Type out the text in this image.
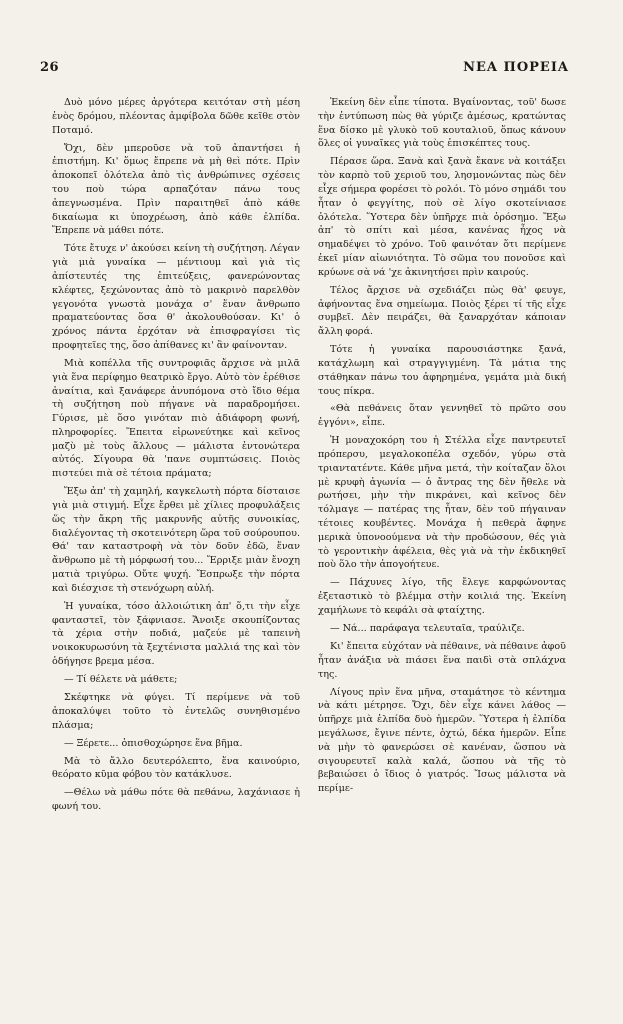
26	ΝΕΑ ΠΟΡΕΙΑ

Δυὸ μόνο μέρες ἀργότερα κειτόταν στὴ μέση ἑνὸς δρόμου, πλέοντας ἀμφίβολα δῶθε κεῖθε στὸν Ποταμό.

Ὄχι, δὲν μπεροῦσε νὰ τοῦ ἀπαντήσει ἡ ἐπιστήμη. Κι' ὅμως ἔπρεπε νὰ μὴ θεὶ πότε. Πρὶν ἀποκοπεῖ ὁλότελα ἀπὸ τὶς ἀνθρώπινες σχέσεις του ποὺ τώρα αρπαζόταν πάνω τους ἀπεγνωσμένα. Πρὶν παραιτηθεῖ ἀπὸ κάθε δικαίωμα κι ὑποχρέωση, ἀπὸ κάθε ἐλπίδα. Ἔπρεπε νὰ μάθει πότε.

Τότε ἔτυχε ν' ἀκούσει κείνη τὴ συζήτηση. Λέγαν γιὰ μιὰ γυναίκα — μέντιουμ καὶ γιὰ τὶς ἀπίστευτές της ἐπιτεύξεις, φανερώνοντας κλέφτες, ξεχώνοντας ἀπὸ τὸ μακρινὸ παρελθὸν γεγονότα γνωστὰ μονάχα σ' ἕναν ἄνθρωπο πραματεύοντας ὅσα θ' ἀκολουθούσαν. Κι' ὁ χρόνος πάντα ἐρχόταν νὰ ἐπισφραγίσει τὶς προφητεῖες της, ὅσο ἀπίθανες κι' ἂν φαίνονταν.

Μιὰ κοπέλλα τῆς συντροφιᾶς ἄρχισε νὰ μιλᾶ γιὰ ἕνα περίφημο θεατρικὸ ἔργο. Αὐτὸ τὸν ἐρέθισε ἀναίτια, καὶ ξανάφερε ἀνυπόμονα στὸ ἴδιο θέμα τὴ συζήτηση ποὺ πήγανε νὰ παραδρομήσει. Γύρισε, μὲ ὅσο γινόταν πιὸ ἀδιάφορη φωνή, πληροφορίες. Ἔπειτα εἰρωνεύτηκε καὶ κεῖνος μαζὺ μὲ τοὺς ἄλλους — μάλιστα ἐντονώτερα αὐτός. Σίγουρα θὰ 'πανε συμπτώσεις. Ποιὸς πιστεύει πιὰ σὲ τέτοια πράματα;

Ἔξω ἀπ' τὴ χαμηλή, καγκελωτὴ πόρτα δίσταισε γιὰ μιὰ στιγμή. Εἶχε ἔρθει μὲ χίλιες προφυλάξεις ὥς τὴν ἄκρη τῆς μακρυνῆς αὐτῆς συνοικίας, διαλέγοντας τὴ σκοτεινότερη ὥρα τοῦ σούρουπου. Θά' ταν καταστροφὴ νὰ τὸν δοῦν ἐδῶ, ἕναν ἄνθρωπο μὲ τὴ μόρφωσή του... Ἔρριξε μιὰν ἔνοχη ματιὰ τριγύρω. Οὔτε ψυχή. Ἔσπρωξε τὴν πόρτα καὶ διέσχισε τὴ στενόχωρη αὐλή.

Ἡ γυναίκα, τόσο ἀλλοιώτικη ἀπ' ὅ,τι τὴν εἶχε φανταστεῖ, τὸν ξάφνιασε. Ἄνοιξε σκουπίζοντας τὰ χέρια στὴν ποδιά, μαζεύε μὲ ταπεινὴ νοικοκυρωσύνη τὰ ξεχτένιστα μαλλιά της καὶ τὸν ὁδήγησε βρεμα μέσα.

— Τί θέλετε νὰ μάθετε;

Σκέφτηκε νὰ φύγει. Τί περίμενε νὰ τοῦ ἀποκαλύψει τοῦτο τὸ ἐντελῶς συνηθισμένο πλάσμα;

— Ξέρετε... ὀπισθοχώρησε ἕνα βῆμα.

Μὰ τὸ ἄλλο δευτερόλεπτο, ἕνα καινούριο, θεόρατο κῦμα φόβου τὸν κατάκλυσε.

—Θέλω νὰ μάθω πότε θὰ πεθάνω, λαχάνιασε ἡ φωνή του.

Ἐκείνη δὲν εἶπε τίποτα. Βγαίνοντας, τοῦ' δωσε τὴν ἐντύπωση πὼς θὰ γύριζε ἀμέσως, κρατώντας ἕνα δίσκο μὲ γλυκὸ τοῦ κουταλιοῦ, ὅπως κάνουν ὅλες οἱ γυναῖκες γιὰ τοὺς ἐπισκέπτες τους.

Πέρασε ὥρα. Ξανὰ καὶ ξανὰ ἔκανε νὰ κοιτάξει τὸν καρπὸ τοῦ χεριοῦ του, λησμονώντας πὼς δὲν εἶχε σήμερα φορέσει τὸ ρολόι. Τὸ μόνο σημάδι του ἦταν ὁ φεγγίτης, ποὺ σὲ λίγο σκοτείνιασε ὁλότελα. Ὕστερα δὲν ὑπῆρχε πιὰ ὁρόσημο. Ἔξω ἀπ' τὸ σπίτι καὶ μέσα, κανένας ἦχος νὰ σημαδέψει τὸ χρόνο. Τοῦ φαινόταν ὅτι περίμενε ἐκεῖ μίαν αἰωνιότητα. Τὸ σῶμα του πονοῦσε καὶ κρύωνε σὰ νά 'χε ἀκινητήσει πρὶν καιρούς.

Τέλος ἄρχισε νὰ σχεδιάζει πὼς θὰ' φευγε, ἀφήνοντας ἕνα σημείωμα. Ποιὸς ξέρει τί τῆς εἶχε συμβεῖ. Δὲν πειράζει, θὰ ξαναρχόταν κάποιαν ἄλλη φορά.

Τότε ἡ γυναίκα παρουσιάστηκε ξανά, κατάχλωμη καὶ στραγγιγμένη. Τὰ μάτια της στάθηκαν πάνω του ἀφηρημένα, γεμάτα μιὰ δική τους πίκρα.

«Θὰ πεθάνεις ὅταν γεννηθεῖ τὸ πρῶτο σου ἐγγόνι», εἶπε.

Ἡ μοναχοκόρη του ἡ Στέλλα εἶχε παντρευτεῖ πρόπερσυ, μεγαλοκοπέλα σχεδόν, γύρω στὰ τριαντατέντε. Κάθε μῆνα μετά, τὴν κοίταζαν ὅλοι μὲ κρυφὴ ἀγωνία — ὁ ἄντρας της δὲν ἤθελε νὰ ρωτήσει, μὴν τὴν πικράνει, καὶ κεῖνος δὲν τόλμαγε — πατέρας της ἦταν, δὲν τοῦ πήγαιναν τέτοιες κουβέντες. Μονάχα ἡ πεθερὰ ἄφηνε μερικὰ ὑπονοούμενα νὰ τὴν προδώσουν, θές γιὰ τὸ γεροντικὴν ἀφέλεια, θὲς γιὰ νὰ τὴν ἐκδικηθεῖ ποὺ ὅλο τὴν ἀπογοήτευε.

— Πάχυνες λίγο, τῆς ἔλεγε καρφώνοντας ἐξεταστικὸ τὸ βλέμμα στὴν κοιλιά της. Ἐκείνη χαμήλωνε τὸ κεφάλι σὰ φταίχτης.

— Νά... παράφαγα τελευταῖα, τραύλιζε.

Κι' ἔπειτα εὐχόταν νὰ πέθαινε, νὰ πέθαινε ἀφοῦ ἦταν ἀνάξια νὰ πιάσει ἕνα παιδὶ στὰ σπλάχνα της.

Λίγους πρὶν ἕνα μῆνα, σταμάτησε τὸ κέντημα νὰ κάτι μέτρησε. Ὄχι, δὲν εἶχε κάνει λάθος — ὑπῆρχε μιὰ ἐλπίδα δυὸ ἡμερῶν. Ὕστερα ἡ ἐλπίδα μεγάλωσε, ἔγινε πέντε, ὀχτώ, δέκα ἡμερῶν. Εἶπε νὰ μὴν τὸ φανερώσει σὲ κανέναν, ὥσπου νὰ σιγουρευτεῖ καλὰ καλά, ὥσπου νὰ τῆς τὸ βεβαιώσει ὁ ἴδιος ὁ γιατρός. Ἴσως μάλιστα νὰ περίμε-
